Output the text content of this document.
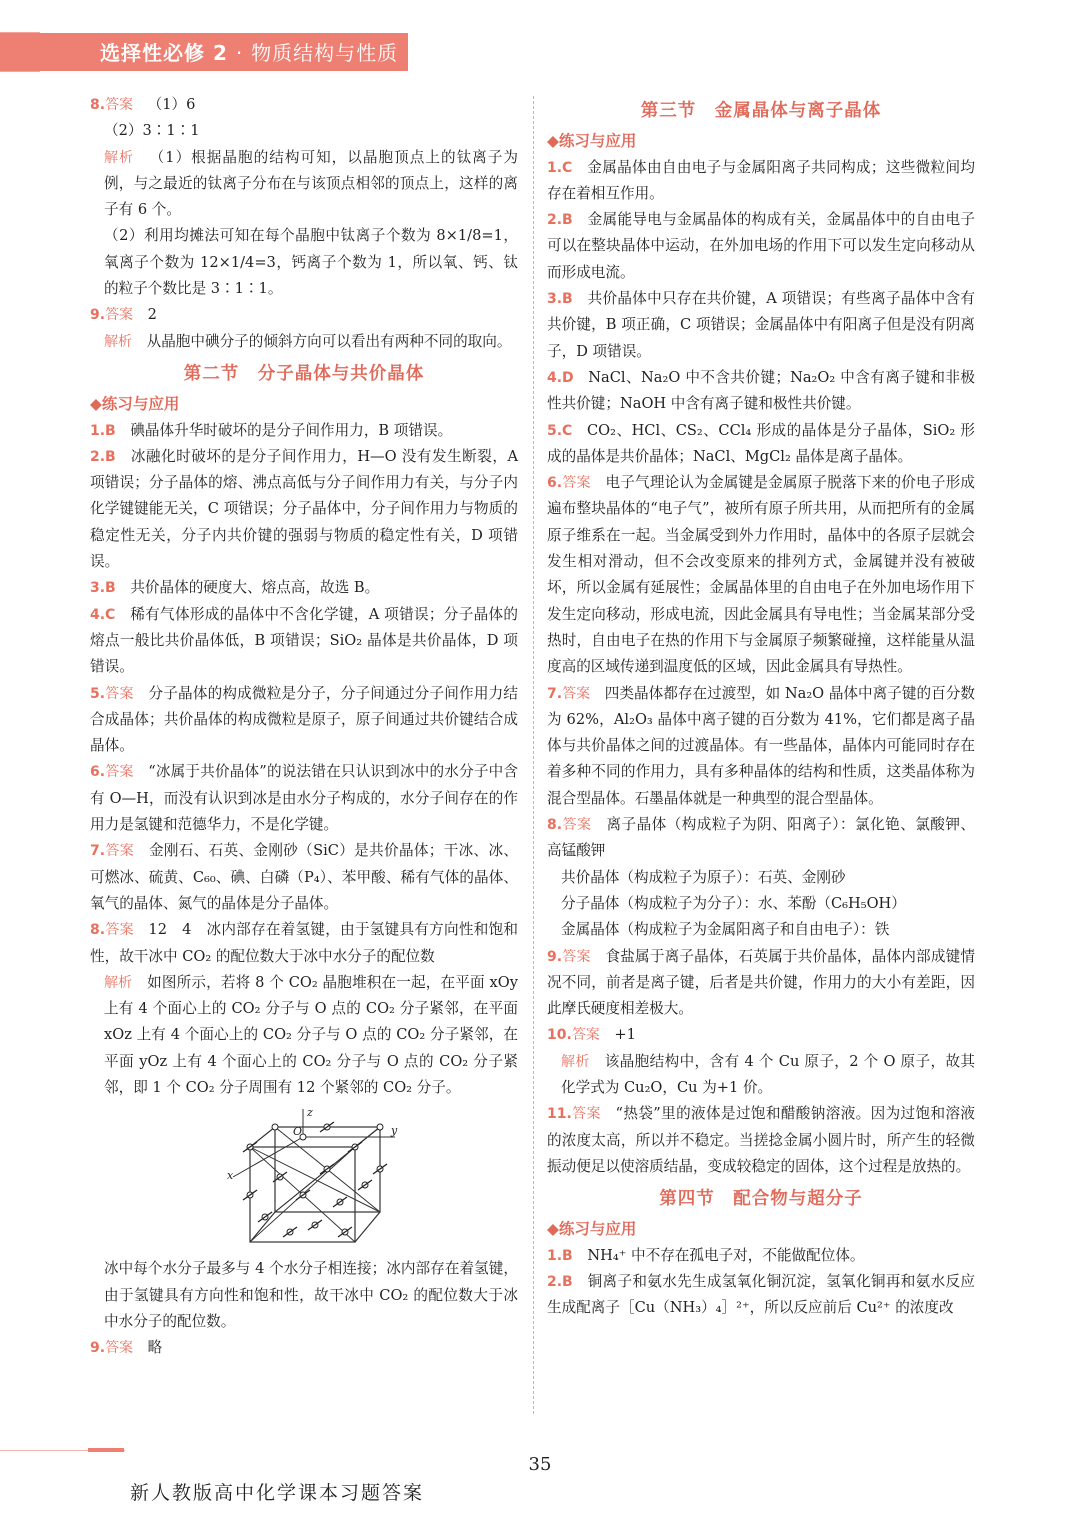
选择性必修 2 · 物质结构与性质

8.答案  （1）6

（2）3∶1∶1

解析  （1）根据晶胞的结构可知，以晶胞顶点上的钛离子为例，与之最近的钛离子分布在与该顶点相邻的顶点上，这样的离子有 6 个。

（2）利用均摊法可知在每个晶胞中钛离子个数为 8×1/8=1，氧离子个数为 12×1/4=3，钙离子个数为 1，所以氧、钙、钛的粒子个数比是 3∶1∶1。

9.答案  2

解析  从晶胞中碘分子的倾斜方向可以看出有两种不同的取向。

第二节　分子晶体与共价晶体
◆练习与应用

1.B  碘晶体升华时破坏的是分子间作用力，B 项错误。

2.B  冰融化时破坏的是分子间作用力，H—O 没有发生断裂，A 项错误；分子晶体的熔、沸点高低与分子间作用力有关，与分子内化学键键能无关，C 项错误；分子晶体中，分子间作用力与物质的稳定性无关，分子内共价键的强弱与物质的稳定性有关，D 项错误。

3.B  共价晶体的硬度大、熔点高，故选 B。

4.C  稀有气体形成的晶体中不含化学键，A 项错误；分子晶体的熔点一般比共价晶体低，B 项错误；SiO₂ 晶体是共价晶体，D 项错误。

5.答案  分子晶体的构成微粒是分子，分子间通过分子间作用力结合成晶体；共价晶体的构成微粒是原子，原子间通过共价键结合成晶体。

6.答案  “冰属于共价晶体”的说法错在只认识到冰中的水分子中含有 O—H，而没有认识到冰是由水分子构成的，水分子间存在的作用力是氢键和范德华力，不是化学键。

7.答案  金刚石、石英、金刚砂（SiC）是共价晶体；干冰、冰、可燃冰、硫黄、C₆₀、碘、白磷（P₄）、苯甲酸、稀有气体的晶体、氧气的晶体、氮气的晶体是分子晶体。

8.答案  12　4　冰内部存在着氢键，由于氢键具有方向性和饱和性，故干冰中 CO₂ 的配位数大于冰中水分子的配位数

解析  如图所示，若将 8 个 CO₂ 晶胞堆积在一起，在平面 xOy 上有 4 个面心上的 CO₂ 分子与 O 点的 CO₂ 分子紧邻，在平面 xOz 上有 4 个面心上的 CO₂ 分子与 O 点的 CO₂ 分子紧邻，在平面 yOz 上有 4 个面心上的 CO₂ 分子与 O 点的 CO₂ 分子紧邻，即 1 个 CO₂ 分子周围有 12 个紧邻的 CO₂ 分子。

z
y
x
O

冰中每个水分子最多与 4 个水分子相连接；冰内部存在着氢键，由于氢键具有方向性和饱和性，故干冰中 CO₂ 的配位数大于冰中水分子的配位数。

9.答案  略

第三节　金属晶体与离子晶体
◆练习与应用

1.C  金属晶体由自由电子与金属阳离子共同构成；这些微粒间均存在着相互作用。

2.B  金属能导电与金属晶体的构成有关，金属晶体中的自由电子可以在整块晶体中运动，在外加电场的作用下可以发生定向移动从而形成电流。

3.B  共价晶体中只存在共价键，A 项错误；有些离子晶体中含有共价键，B 项正确，C 项错误；金属晶体中有阳离子但是没有阴离子，D 项错误。

4.D  NaCl、Na₂O 中不含共价键；Na₂O₂ 中含有离子键和非极性共价键；NaOH 中含有离子键和极性共价键。

5.C  CO₂、HCl、CS₂、CCl₄ 形成的晶体是分子晶体，SiO₂ 形成的晶体是共价晶体；NaCl、MgCl₂ 晶体是离子晶体。

6.答案  电子气理论认为金属键是金属原子脱落下来的价电子形成遍布整块晶体的“电子气”，被所有原子所共用，从而把所有的金属原子维系在一起。当金属受到外力作用时，晶体中的各原子层就会发生相对滑动，但不会改变原来的排列方式，金属键并没有被破坏，所以金属有延展性；金属晶体里的自由电子在外加电场作用下发生定向移动，形成电流，因此金属具有导电性；当金属某部分受热时，自由电子在热的作用下与金属原子频繁碰撞，这样能量从温度高的区域传递到温度低的区域，因此金属具有导热性。

7.答案  四类晶体都存在过渡型，如 Na₂O 晶体中离子键的百分数为 62%，Al₂O₃ 晶体中离子键的百分数为 41%，它们都是离子晶体与共价晶体之间的过渡晶体。有一些晶体，晶体内可能同时存在着多种不同的作用力，具有多种晶体的结构和性质，这类晶体称为混合型晶体。石墨晶体就是一种典型的混合型晶体。

8.答案  离子晶体（构成粒子为阴、阳离子）：氯化铯、氯酸钾、高锰酸钾

共价晶体（构成粒子为原子）：石英、金刚砂

分子晶体（构成粒子为分子）：水、苯酚（C₆H₅OH）

金属晶体（构成粒子为金属阳离子和自由电子）：铁

9.答案  食盐属于离子晶体，石英属于共价晶体，晶体内部成键情况不同，前者是离子键，后者是共价键，作用力的大小有差距，因此摩氏硬度相差极大。

10.答案  +1

解析  该晶胞结构中，含有 4 个 Cu 原子，2 个 O 原子，故其化学式为 Cu₂O，Cu 为+1 价。

11.答案  “热袋”里的液体是过饱和醋酸钠溶液。因为过饱和溶液的浓度太高，所以并不稳定。当搓捻金属小圆片时，所产生的轻微振动便足以使溶质结晶，变成较稳定的固体，这个过程是放热的。

第四节　配合物与超分子
◆练习与应用

1.B  NH₄⁺ 中不存在孤电子对，不能做配位体。

2.B  铜离子和氨水先生成氢氧化铜沉淀，氢氧化铜再和氨水反应生成配离子［Cu（NH₃）₄］²⁺，所以反应前后 Cu²⁺ 的浓度改

35
新人教版高中化学课本习题答案
